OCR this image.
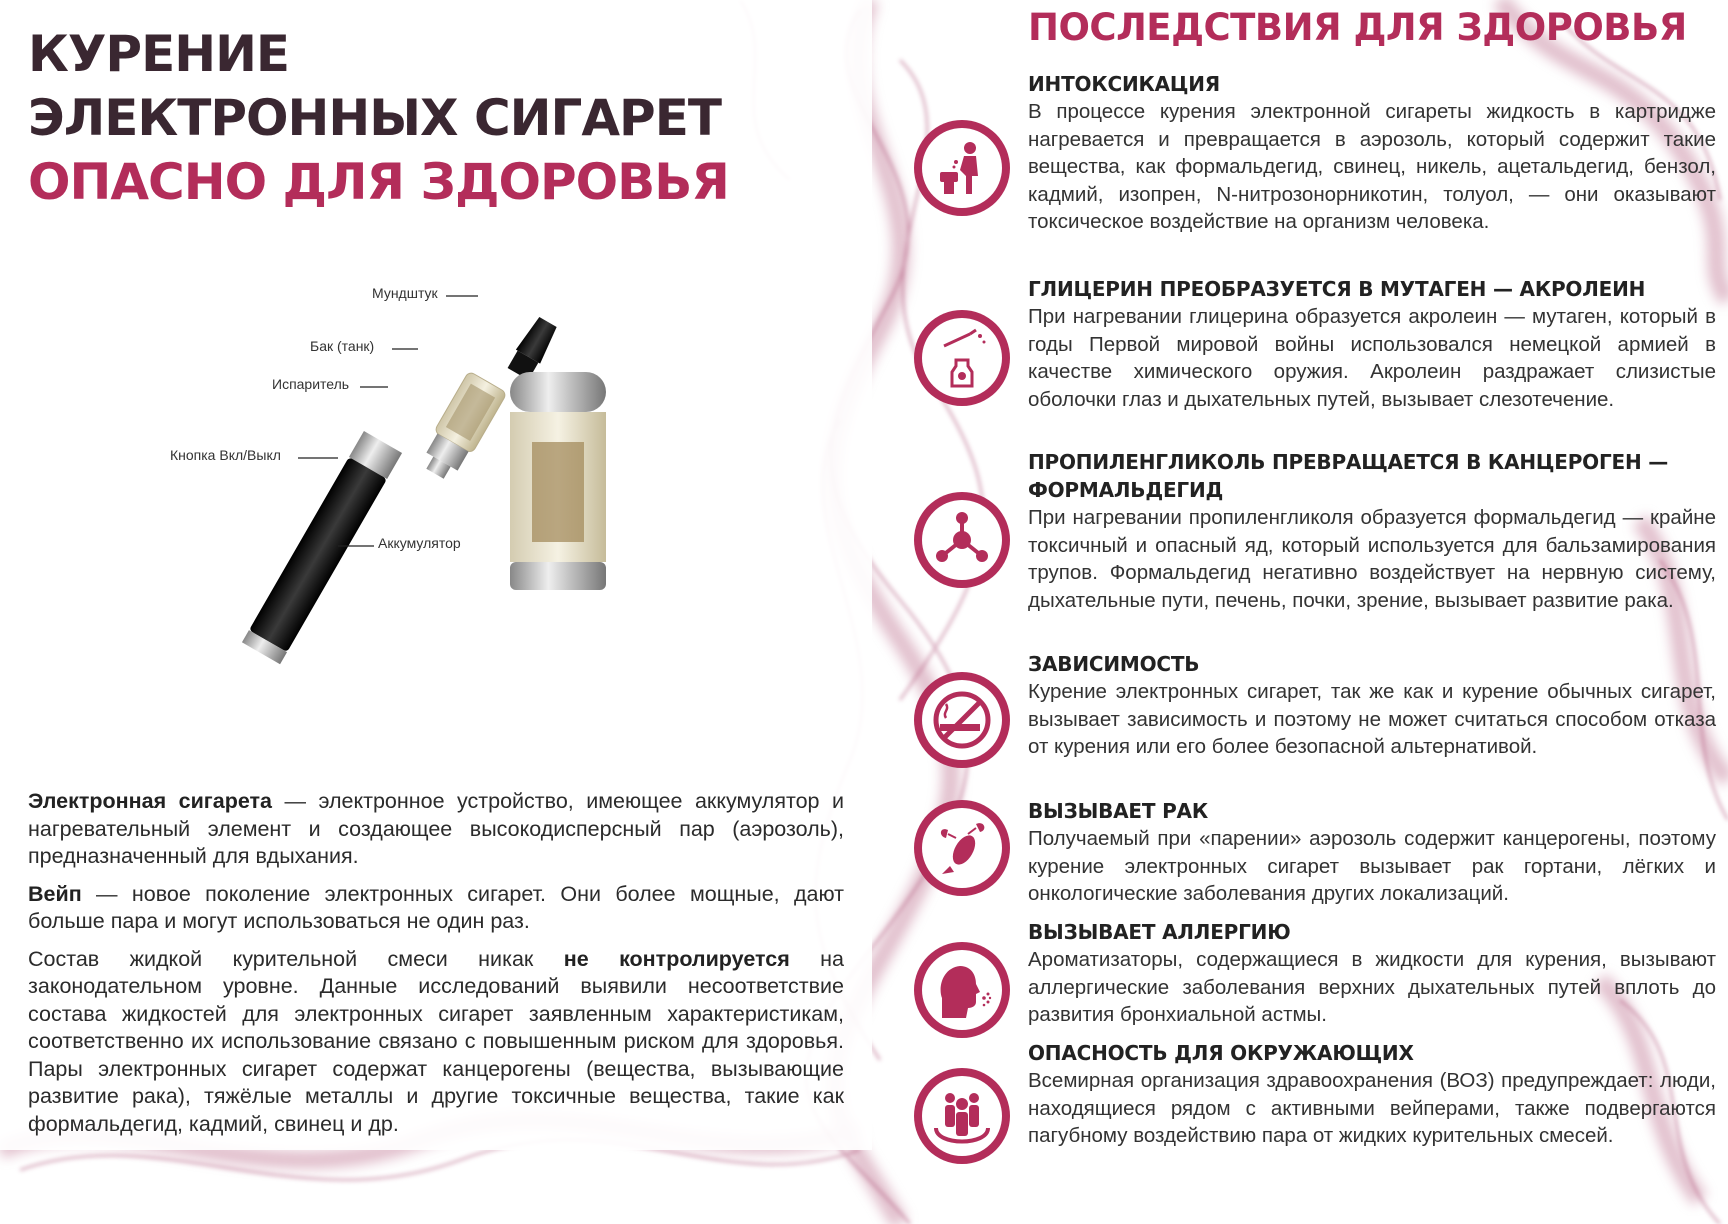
КУРЕНИЕ
ЭЛЕКТРОННЫХ СИГАРЕТ
ОПАСНО ДЛЯ ЗДОРОВЬЯ
Мундштук
Бак (танк)
Испаритель
Кнопка Вкл/Выкл
Аккумулятор

Электронная сигарета — электронное устройство, имеющее аккумулятор и нагревательный элемент и создающее высокодисперсный пар (аэрозоль), предназначенный для вдыхания.

Вейп — новое поколение электронных сигарет. Они более мощные, дают больше пара и могут использоваться не один раз.

Состав жидкой курительной смеси никак не контролируется на законодательном уровне. Данные исследований выявили несоответствие состава жидкостей для электронных сигарет заявленным характеристикам, соответственно их использование связано с повышенным риском для здоровья. Пары электронных сигарет содержат канцерогены (вещества, вызывающие развитие рака), тяжёлые металлы и другие токсичные вещества, такие как формальдегид, кадмий, свинец и др.

ПОСЛЕДСТВИЯ ДЛЯ ЗДОРОВЬЯ
ИНТОКСИКАЦИЯ

В процессе курения электронной сигареты жидкость в картридже нагревается и превращается в аэрозоль, который содержит такие вещества, как формальдегид, свинец, никель, ацетальдегид, бензол, кадмий, изопрен, N-нитрозонорникотин, толуол, — они оказывают токсическое воздействие на организм человека.

ГЛИЦЕРИН ПРЕОБРАЗУЕТСЯ В МУТАГЕН — АКРОЛЕИН

При нагревании глицерина образуется акролеин — мутаген, который в годы Первой мировой войны использовался немецкой армией в качестве химического оружия. Акролеин раздражает слизистые оболочки глаз и дыхательных путей, вызывает слезотечение.

ПРОПИЛЕНГЛИКОЛЬ ПРЕВРАЩАЕТСЯ В КАНЦЕРОГЕН — ФОРМАЛЬДЕГИД

При нагревании пропиленгликоля образуется формальдегид — крайне токсичный и опасный яд, который используется для бальзамирования трупов. Формальдегид негативно воздействует на нервную систему, дыхательные пути, печень, почки, зрение, вызывает развитие рака.

ЗАВИСИМОСТЬ

Курение электронных сигарет, так же как и курение обычных сигарет, вызывает зависимость и поэтому не может считаться способом отказа от курения или его более безопасной альтернативой.

ВЫЗЫВАЕТ РАК

Получаемый при «парении» аэрозоль содержит канцерогены, поэтому курение электронных сигарет вызывает рак гортани, лёгких и онкологические заболевания других локализаций.

ВЫЗЫВАЕТ АЛЛЕРГИЮ

Ароматизаторы, содержащиеся в жидкости для курения, вызывают аллергические заболевания верхних дыхательных путей вплоть до развития бронхиальной астмы.

ОПАСНОСТЬ ДЛЯ ОКРУЖАЮЩИХ

Всемирная организация здравоохранения (ВОЗ) предупреждает: люди, находящиеся рядом с активными вейперами, также подвергаются пагубному воздействию пара от жидких курительных смесей.
